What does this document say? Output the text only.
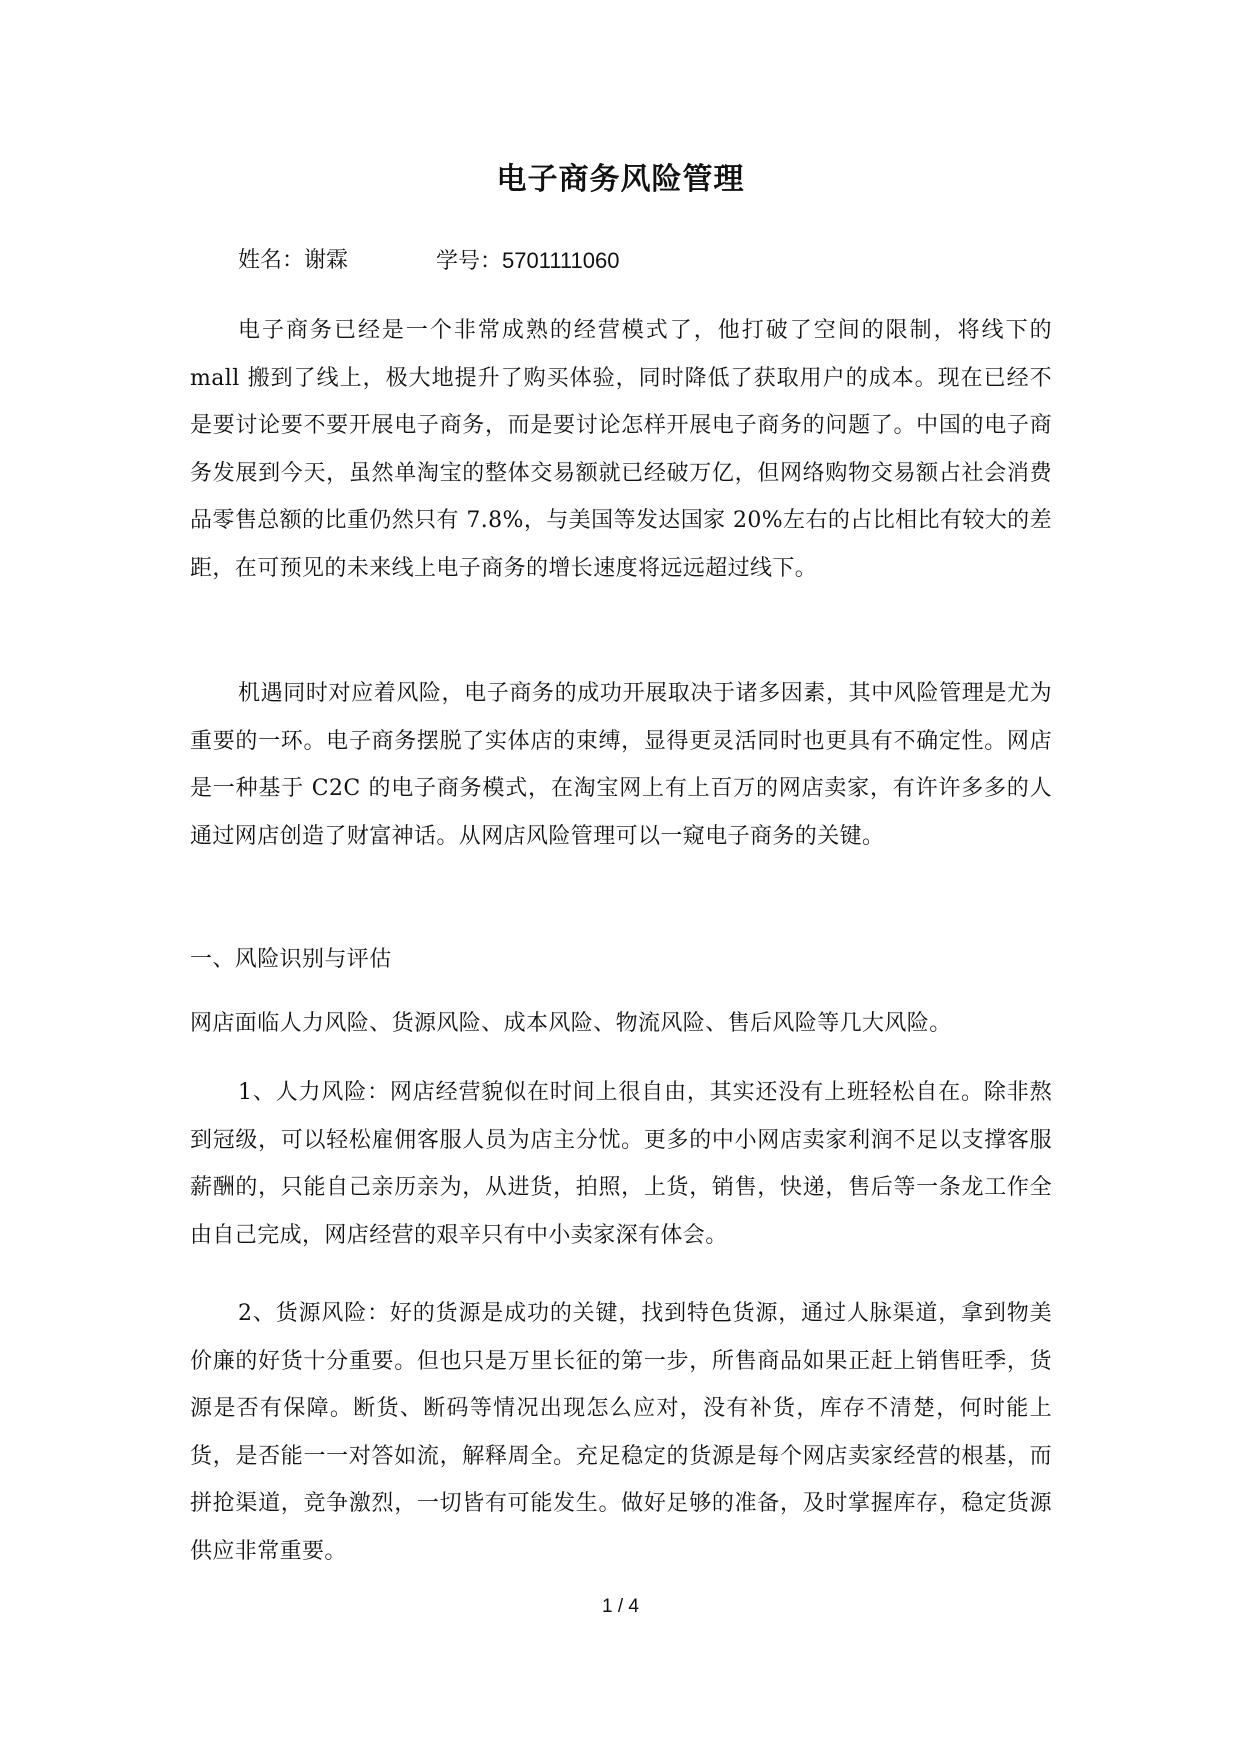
电子商务风险管理
姓名：谢霖	学号：5701111060
电子商务已经是一个非常成熟的经营模式了，他打破了空间的限制，将线下的 mall 搬到了线上，极大地提升了购买体验，同时降低了获取用户的成本。现在已经不是要讨论要不要开展电子商务，而是要讨论怎样开展电子商务的问题了。中国的电子商务发展到今天，虽然单淘宝的整体交易额就已经破万亿，但网络购物交易额占社会消费品零售总额的比重仍然只有 7.8%，与美国等发达国家 20%左右的占比相比有较大的差距，在可预见的未来线上电子商务的增长速度将远远超过线下。
机遇同时对应着风险，电子商务的成功开展取决于诸多因素，其中风险管理是尤为重要的一环。电子商务摆脱了实体店的束缚，显得更灵活同时也更具有不确定性。网店是一种基于 C2C 的电子商务模式，在淘宝网上有上百万的网店卖家，有许许多多的人通过网店创造了财富神话。从网店风险管理可以一窥电子商务的关键。
一、风险识别与评估
网店面临人力风险、货源风险、成本风险、物流风险、售后风险等几大风险。
1、人力风险：网店经营貌似在时间上很自由，其实还没有上班轻松自在。除非熬到冠级，可以轻松雇佣客服人员为店主分忧。更多的中小网店卖家利润不足以支撑客服薪酬的，只能自己亲历亲为，从进货，拍照，上货，销售，快递，售后等一条龙工作全由自己完成，网店经营的艰辛只有中小卖家深有体会。
2、货源风险：好的货源是成功的关键，找到特色货源，通过人脉渠道，拿到物美价廉的好货十分重要。但也只是万里长征的第一步，所售商品如果正赶上销售旺季，货源是否有保障。断货、断码等情况出现怎么应对，没有补货，库存不清楚，何时能上货，是否能一一对答如流，解释周全。充足稳定的货源是每个网店卖家经营的根基，而拼抢渠道，竞争激烈，一切皆有可能发生。做好足够的准备，及时掌握库存，稳定货源供应非常重要。
1 / 4
